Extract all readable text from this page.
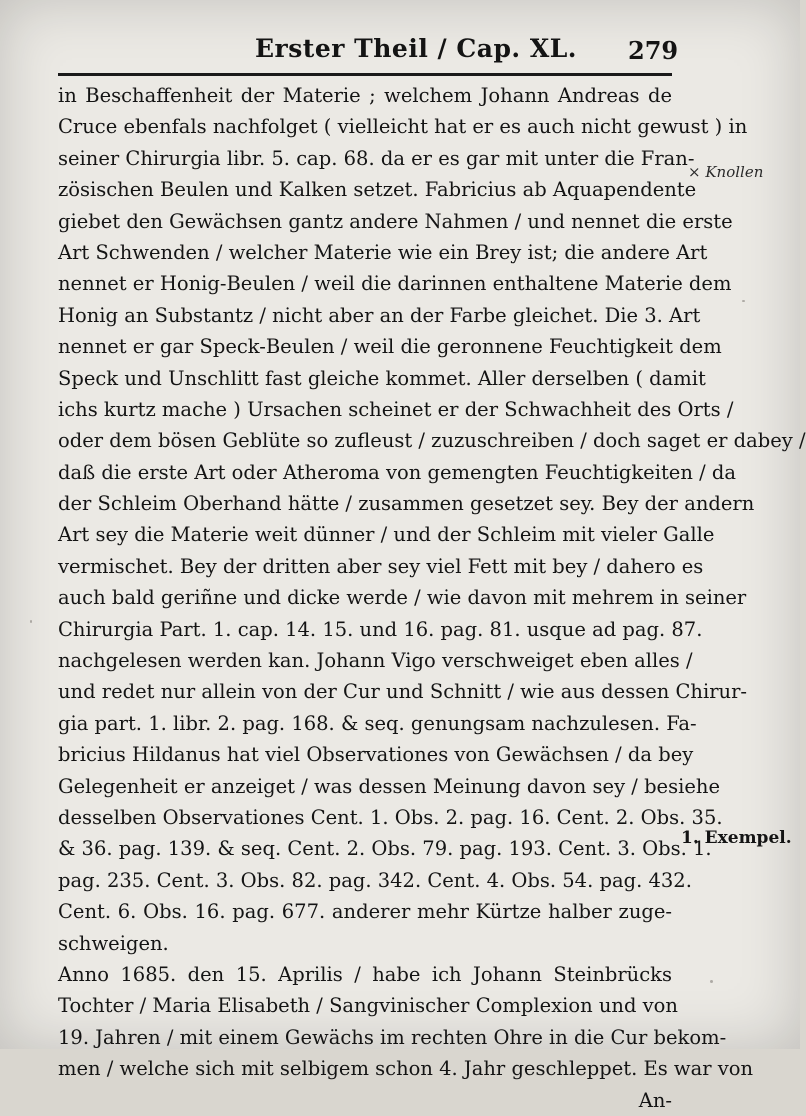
Erster Theil / Cap. XL. 279
in Beschaffenheit der Materie ; welchem Johann Andreas de
Cruce ebenfals nachfolget ( vielleicht hat er es auch nicht gewust ) in
seiner Chirurgia libr. 5. cap. 68. da er es gar mit unter die Fran-
zösischen Beulen und Kalken setzet. Fabricius ab Aquapendente
giebet den Gewächsen gantz andere Nahmen / und nennet die erste
Art Schwenden / welcher Materie wie ein Brey ist; die andere Art
nennet er Honig-Beulen / weil die darinnen enthaltene Materie dem
Honig an Substantz / nicht aber an der Farbe gleichet. Die 3. Art
nennet er gar Speck-Beulen / weil die geronnene Feuchtigkeit dem
Speck und Unschlitt fast gleiche kommet. Aller derselben ( damit
ichs kurtz mache ) Ursachen scheinet er der Schwachheit des Orts /
oder dem bösen Geblüte so zufleust / zuzuschreiben / doch saget er dabey /
daß die erste Art oder Atheroma von gemengten Feuchtigkeiten / da
der Schleim Oberhand hätte / zusammen gesetzet sey. Bey der andern
Art sey die Materie weit dünner / und der Schleim mit vieler Galle
vermischet. Bey der dritten aber sey viel Fett mit bey / dahero es
auch bald geriñne und dicke werde / wie davon mit mehrem in seiner
Chirurgia Part. 1. cap. 14. 15. und 16. pag. 81. usque ad pag. 87.
nachgelesen werden kan. Johann Vigo verschweiget eben alles /
und redet nur allein von der Cur und Schnitt / wie aus dessen Chirur-
gia part. 1. libr. 2. pag. 168. & seq. genungsam nachzulesen. Fa-
bricius Hildanus hat viel Observationes von Gewächsen / da bey
Gelegenheit er anzeiget / was dessen Meinung davon sey / besiehe
desselben Observationes Cent. 1. Obs. 2. pag. 16. Cent. 2. Obs. 35.
& 36. pag. 139. & seq. Cent. 2. Obs. 79. pag. 193. Cent. 3. Obs. 1.
pag. 235. Cent. 3. Obs. 82. pag. 342. Cent. 4. Obs. 54. pag. 432.
Cent. 6. Obs. 16. pag. 677. anderer mehr Kürtze halber zuge-
schweigen.
Anno 1685. den 15. Aprilis / habe ich Johann Steinbrücks
Tochter / Maria Elisabeth / Sangvinischer Complexion und von
19. Jahren / mit einem Gewächs im rechten Ohre in die Cur bekom-
men / welche sich mit selbigem schon 4. Jahr geschleppet. Es war von
An-
× Knollen
1. Exempel.
